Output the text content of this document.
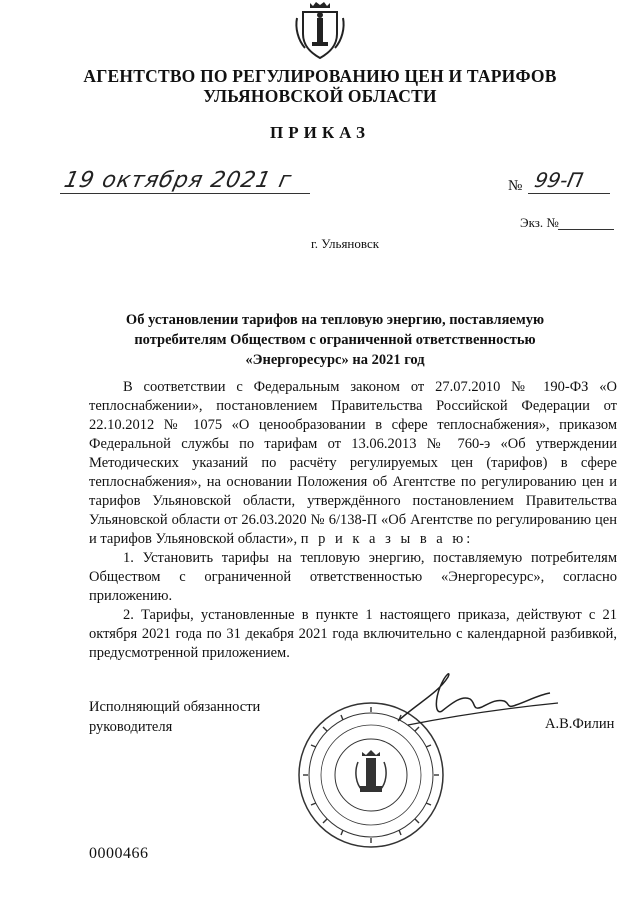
АГЕНТСТВО ПО РЕГУЛИРОВАНИЮ ЦЕН И ТАРИФОВ
УЛЬЯНОВСКОЙ ОБЛАСТИ
ПРИКАЗ
19 октября 2021 г	№ 99-П
Экз. №
г. Ульяновск
Об установлении тарифов на тепловую энергию, поставляемую
потребителям Обществом с ограниченной ответственностью
«Энергоресурс» на 2021 год

В соответствии с Федеральным законом от 27.07.2010 № 190-ФЗ «О теплоснабжении», постановлением Правительства Российской Федерации от 22.10.2012 № 1075 «О ценообразовании в сфере теплоснабжения», приказом Федеральной службы по тарифам от 13.06.2013 № 760-э «Об утверждении Методических указаний по расчёту регулируемых цен (тарифов) в сфере теплоснабжения», на основании Положения об Агентстве по регулированию цен и тарифов Ульяновской области, утверждённого постановлением Правительства Ульяновской области от 26.03.2020 № 6/138-П «Об Агентстве по регулированию цен и тарифов Ульяновской области», п р и к а з ы в а ю:

1. Установить тарифы на тепловую энергию, поставляемую потребителям Обществом с ограниченной ответственностью «Энергоресурс», согласно приложению.

2. Тарифы, установленные в пункте 1 настоящего приказа, действуют с 21 октября 2021 года по 31 декабря 2021 года включительно с календарной разбивкой, предусмотренной приложением.

Исполняющий обязанности
руководителя	А.В.Филин
0000466
